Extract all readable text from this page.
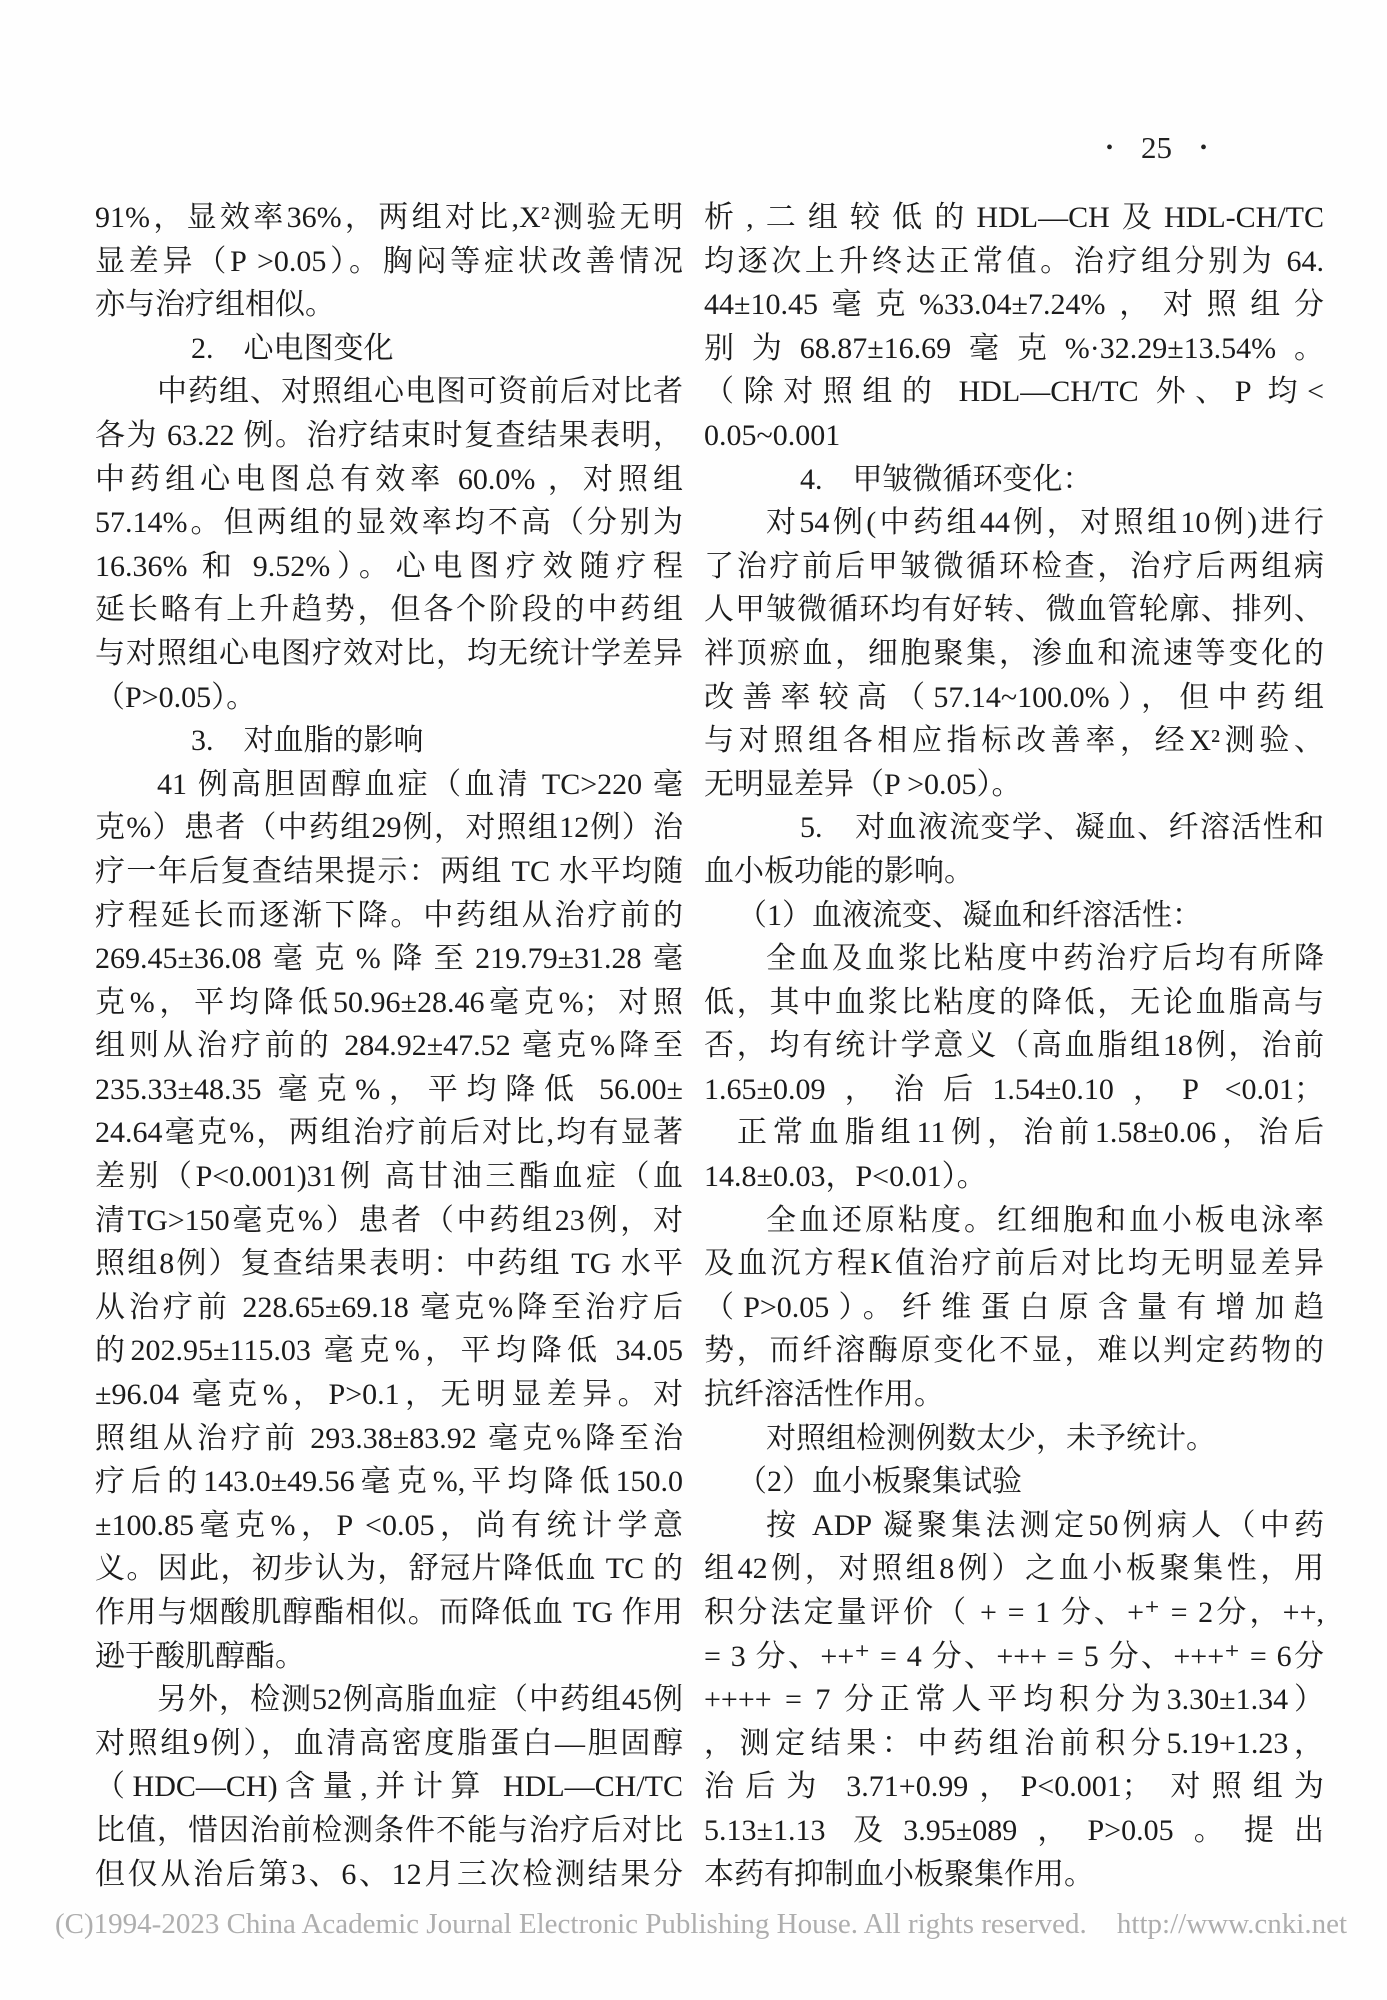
• 25 •
91%，显效率36%，两组对比,X²测验无明
显差异（P >0.05）。胸闷等症状改善情况
亦与治疗组相似。
2.　心电图变化
中药组、对照组心电图可资前后对比者
各为 63.22 例。治疗结束时复查结果表明，
中药组心电图总有效率 60.0% ，对照组
57.14%。但两组的显效率均不高（分别为
16.36% 和 9.52%）。心电图疗效随疗程
延长略有上升趋势，但各个阶段的中药组
与对照组心电图疗效对比，均无统计学差异
（P>0.05）。
3.　对血脂的影响
41 例高胆固醇血症（血清 TC>220 毫
克%）患者（中药组29例，对照组12例）治
疗一年后复查结果提示：两组 TC 水平均随
疗程延长而逐渐下降。中药组从治疗前的
269.45±36.08毫克%降至219.79±31.28毫
克%，平均降低50.96±28.46毫克%；对照
组则从治疗前的 284.92±47.52 毫克%降至
235.33±48.35 毫克%，平均降低 56.00±
24.64毫克%，两组治疗前后对比,均有显著
差别（P<0.001)31例 高甘油三酯血症（血
清TG>150毫克%）患者（中药组23例，对
照组8例）复查结果表明：中药组 TG 水平
从治疗前 228.65±69.18 毫克%降至治疗后
的202.95±115.03 毫克%，平均降低 34.05
±96.04 毫克%，P>0.1，无明显差异。对
照组从治疗前 293.38±83.92 毫克%降至治
疗后的143.0±49.56毫克%,平均降低150.0
±100.85毫克%，P <0.05，尚有统计学意
义。因此，初步认为，舒冠片降低血 TC 的
作用与烟酸肌醇酯相似。而降低血 TG 作用
逊于酸肌醇酯。
另外，检测52例高脂血症（中药组45例
对照组9例），血清高密度脂蛋白—胆固醇
（HDC—CH)含量,并计算 HDL—CH/TC
比值，惜因治前检测条件不能与治疗后对比
但仅从治后第3、6、12月三次检测结果分
析,二组较低的HDL—CH及HDL-CH/TC
均逐次上升终达正常值。治疗组分别为 64.
44±10.45毫克%33.04±7.24%，对照组分
别为68.87±16.69毫克%·32.29±13.54%。
（除对照组的 HDL—CH/TC 外、P 均<
0.05~0.001
4.　甲皱微循环变化：
对54例(中药组44例，对照组10例)进行
了治疗前后甲皱微循环检查，治疗后两组病
人甲皱微循环均有好转、微血管轮廓、排列、
袢顶瘀血，细胞聚集，渗血和流速等变化的
改善率较高（57.14~100.0%），但中药组
与对照组各相应指标改善率，经X²测验、
无明显差异（P >0.05）。
5.　对血液流变学、凝血、纤溶活性和
血小板功能的影响。
（1）血液流变、凝血和纤溶活性：
全血及血浆比粘度中药治疗后均有所降
低，其中血浆比粘度的降低，无论血脂高与
否，均有统计学意义（高血脂组18例，治前
1.65±0.09，治后1.54±0.10，P <0.01；
正常血脂组11例，治前1.58±0.06，治后
14.8±0.03，P<0.01）。
全血还原粘度。红细胞和血小板电泳率
及血沉方程K值治疗前后对比均无明显差异
（P>0.05）。纤维蛋白原含量有增加趋
势，而纤溶酶原变化不显，难以判定药物的
抗纤溶活性作用。
对照组检测例数太少，未予统计。
（2）血小板聚集试验
按 ADP 凝聚集法测定50例病人（中药
组42例，对照组8例）之血小板聚集性，用
积分法定量评价（ + = 1 分、+⁺ = 2分，++,
= 3 分、++⁺ = 4 分、+++ = 5 分、+++⁺ = 6分
++++ = 7 分正常人平均积分为3.30±1.34）
，测定结果：中药组治前积分5.19+1.23，
治后为 3.71+0.99，P<0.001； 对照组为
5.13±1.13 及3.95±089，P>0.05。提出
本药有抑制血小板聚集作用。
(C)1994-2023 China Academic Journal Electronic Publishing House. All rights reserved. http://www.cnki.net
